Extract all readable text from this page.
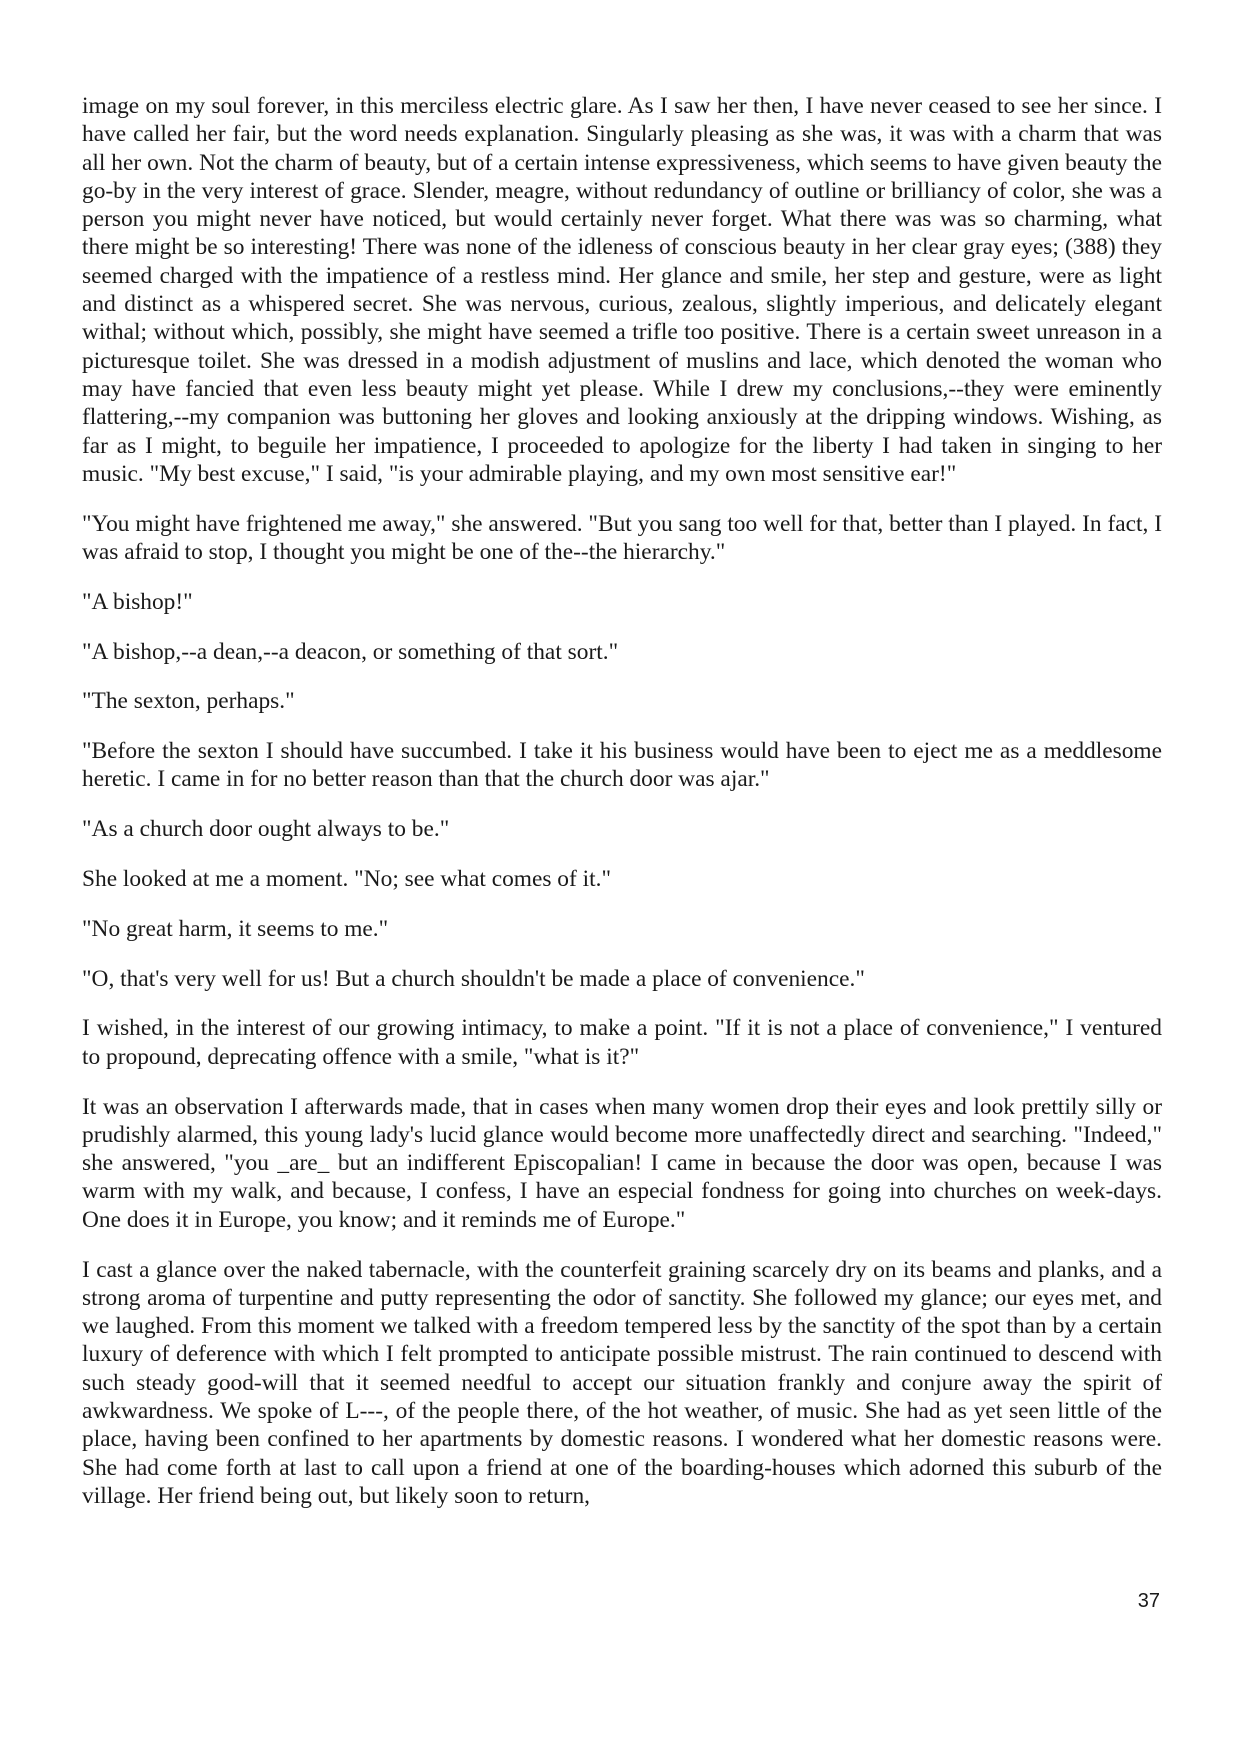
image on my soul forever, in this merciless electric glare. As I saw her then, I have never ceased to see her since. I have called her fair, but the word needs explanation. Singularly pleasing as she was, it was with a charm that was all her own. Not the charm of beauty, but of a certain intense expressiveness, which seems to have given beauty the go-by in the very interest of grace. Slender, meagre, without redundancy of outline or brilliancy of color, she was a person you might never have noticed, but would certainly never forget. What there was was so charming, what there might be so interesting! There was none of the idleness of conscious beauty in her clear gray eyes; (388) they seemed charged with the impatience of a restless mind. Her glance and smile, her step and gesture, were as light and distinct as a whispered secret. She was nervous, curious, zealous, slightly imperious, and delicately elegant withal; without which, possibly, she might have seemed a trifle too positive. There is a certain sweet unreason in a picturesque toilet. She was dressed in a modish adjustment of muslins and lace, which denoted the woman who may have fancied that even less beauty might yet please. While I drew my conclusions,--they were eminently flattering,--my companion was buttoning her gloves and looking anxiously at the dripping windows. Wishing, as far as I might, to beguile her impatience, I proceeded to apologize for the liberty I had taken in singing to her music. "My best excuse," I said, "is your admirable playing, and my own most sensitive ear!"

"You might have frightened me away," she answered. "But you sang too well for that, better than I played. In fact, I was afraid to stop, I thought you might be one of the--the hierarchy."

"A bishop!"

"A bishop,--a dean,--a deacon, or something of that sort."

"The sexton, perhaps."

"Before the sexton I should have succumbed. I take it his business would have been to eject me as a meddlesome heretic. I came in for no better reason than that the church door was ajar."

"As a church door ought always to be."

She looked at me a moment. "No; see what comes of it."

"No great harm, it seems to me."

"O, that's very well for us! But a church shouldn't be made a place of convenience."

I wished, in the interest of our growing intimacy, to make a point. "If it is not a place of convenience," I ventured to propound, deprecating offence with a smile, "what is it?"

It was an observation I afterwards made, that in cases when many women drop their eyes and look prettily silly or prudishly alarmed, this young lady's lucid glance would become more unaffectedly direct and searching. "Indeed," she answered, "you _are_ but an indifferent Episcopalian! I came in because the door was open, because I was warm with my walk, and because, I confess, I have an especial fondness for going into churches on week-days. One does it in Europe, you know; and it reminds me of Europe."

I cast a glance over the naked tabernacle, with the counterfeit graining scarcely dry on its beams and planks, and a strong aroma of turpentine and putty representing the odor of sanctity. She followed my glance; our eyes met, and we laughed. From this moment we talked with a freedom tempered less by the sanctity of the spot than by a certain luxury of deference with which I felt prompted to anticipate possible mistrust. The rain continued to descend with such steady good-will that it seemed needful to accept our situation frankly and conjure away the spirit of awkwardness. We spoke of L---, of the people there, of the hot weather, of music. She had as yet seen little of the place, having been confined to her apartments by domestic reasons. I wondered what her domestic reasons were. She had come forth at last to call upon a friend at one of the boarding-houses which adorned this suburb of the village. Her friend being out, but likely soon to return,

37
